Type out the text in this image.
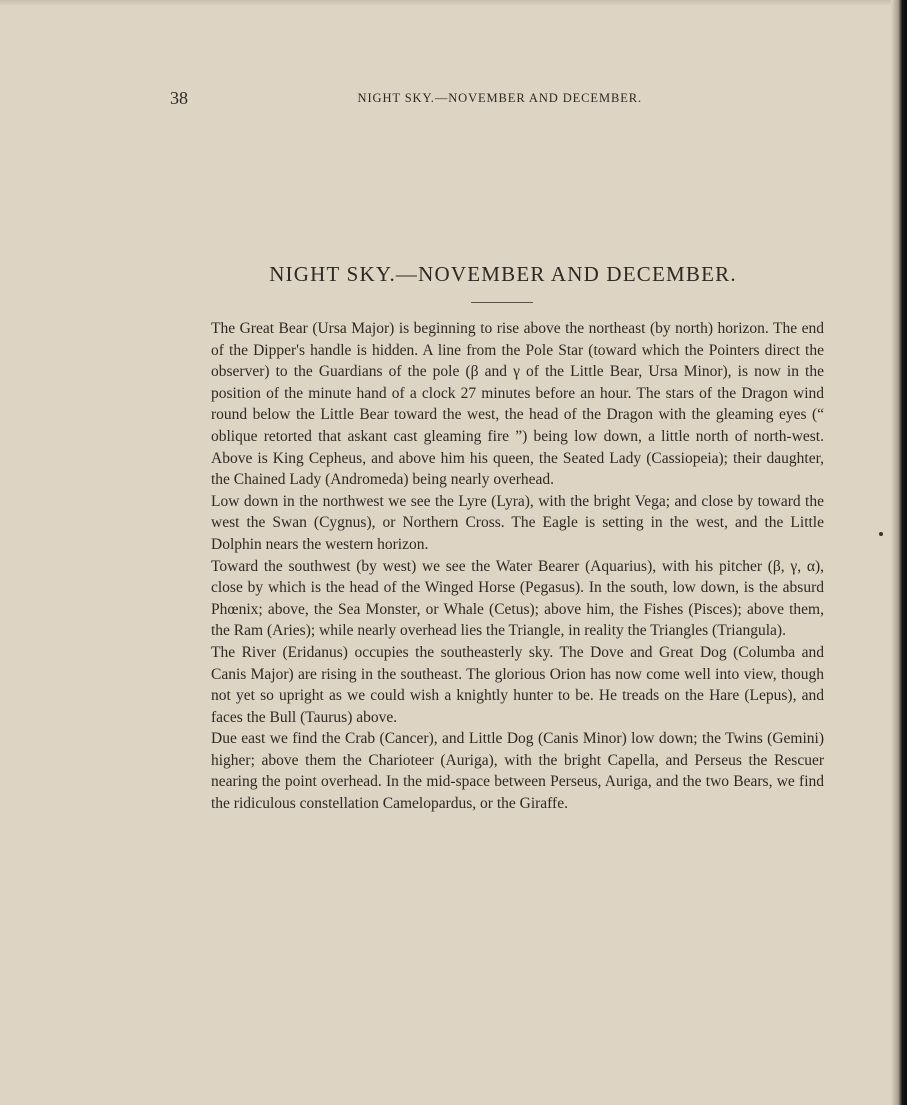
38	NIGHT SKY.—NOVEMBER AND DECEMBER.
NIGHT SKY.—NOVEMBER AND DECEMBER.

The Great Bear (Ursa Major) is beginning to rise above the northeast (by north) horizon. The end of the Dipper's handle is hidden. A line from the Pole Star (toward which the Pointers direct the observer) to the Guardians of the pole (β and γ of the Little Bear, Ursa Minor), is now in the position of the minute hand of a clock 27 minutes before an hour. The stars of the Dragon wind round below the Little Bear toward the west, the head of the Dragon with the gleaming eyes (“ oblique retorted that askant cast gleaming fire ”) being low down, a little north of north-west. Above is King Cepheus, and above him his queen, the Seated Lady (Cassiopeia); their daughter, the Chained Lady (Andromeda) being nearly overhead.

Low down in the northwest we see the Lyre (Lyra), with the bright Vega; and close by toward the west the Swan (Cygnus), or Northern Cross. The Eagle is setting in the west, and the Little Dolphin nears the western horizon.

Toward the southwest (by west) we see the Water Bearer (Aquarius), with his pitcher (β, γ, α), close by which is the head of the Winged Horse (Pegasus). In the south, low down, is the absurd Phœnix; above, the Sea Monster, or Whale (Cetus); above him, the Fishes (Pisces); above them, the Ram (Aries); while nearly overhead lies the Triangle, in reality the Triangles (Triangula).

The River (Eridanus) occupies the southeasterly sky. The Dove and Great Dog (Columba and Canis Major) are rising in the southeast. The glorious Orion has now come well into view, though not yet so upright as we could wish a knightly hunter to be. He treads on the Hare (Lepus), and faces the Bull (Taurus) above.

Due east we find the Crab (Cancer), and Little Dog (Canis Minor) low down; the Twins (Gemini) higher; above them the Charioteer (Auriga), with the bright Capella, and Perseus the Rescuer nearing the point overhead. In the mid-space between Perseus, Auriga, and the two Bears, we find the ridiculous constellation Camelopardus, or the Giraffe.
